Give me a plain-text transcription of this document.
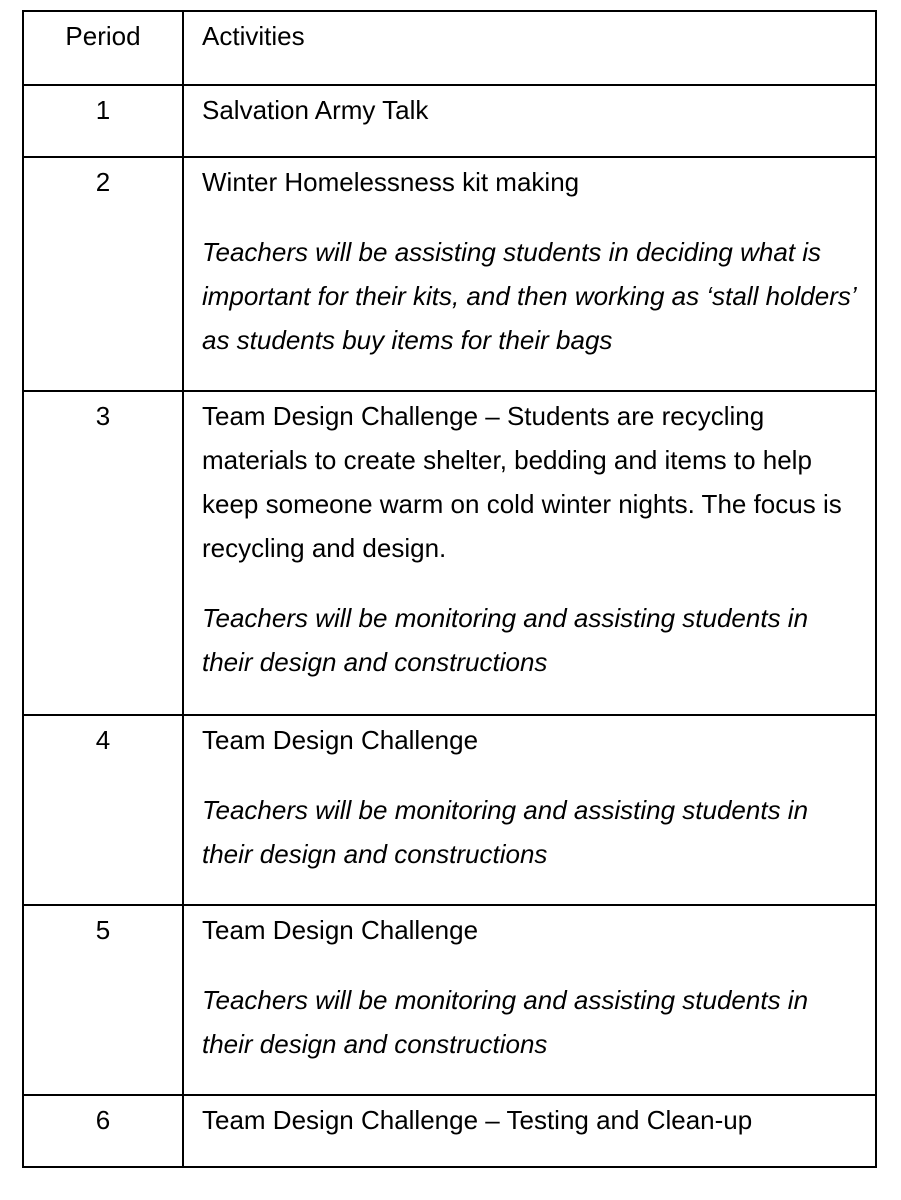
Period	Activities

1	Salvation Army Talk

2	Winter Homelessness kit making
Teachers will be assisting students in deciding what is important for their kits, and then working as ‘stall holders’ as students buy items for their bags

3	Team Design Challenge – Students are recycling materials to create shelter, bedding and items to help keep someone warm on cold winter nights. The focus is recycling and design.
Teachers will be monitoring and assisting students in their design and constructions

4	Team Design Challenge
Teachers will be monitoring and assisting students in their design and constructions

5	Team Design Challenge
Teachers will be monitoring and assisting students in their design and constructions

6	Team Design Challenge – Testing and Clean-up
